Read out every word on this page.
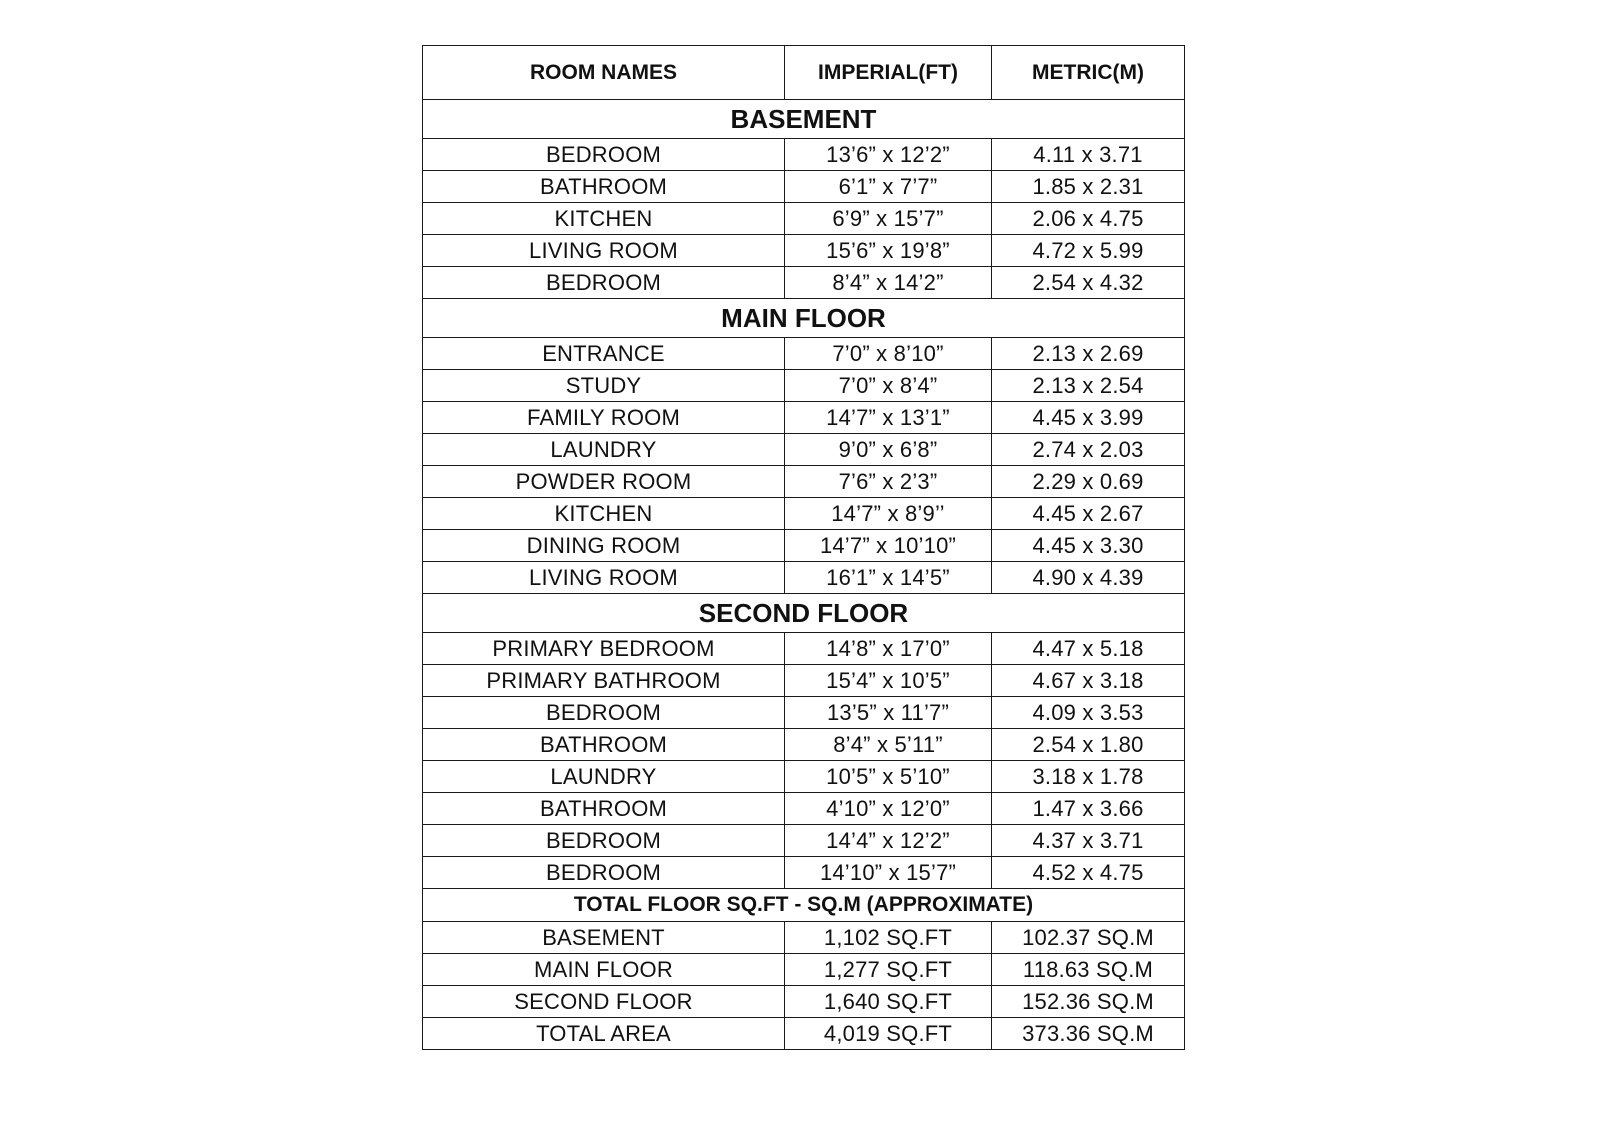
ROOM NAMES	IMPERIAL(FT)	METRIC(M)
BASEMENT		
BEDROOM	13’6” x 12’2”	4.11 x 3.71
BATHROOM	6’1” x 7’7”	1.85 x 2.31
KITCHEN	6’9” x 15’7”	2.06 x 4.75
LIVING ROOM	15’6” x 19’8”	4.72 x 5.99
BEDROOM	8’4” x 14’2”	2.54 x 4.32
MAIN FLOOR		
ENTRANCE	7’0” x 8’10”	2.13 x 2.69
STUDY	7’0” x 8’4”	2.13 x 2.54
FAMILY ROOM	14’7” x 13’1”	4.45 x 3.99
LAUNDRY	9’0” x 6’8”	2.74 x 2.03
POWDER ROOM	7’6” x 2’3”	2.29 x 0.69
KITCHEN	14’7” x 8’9’’	4.45 x 2.67
DINING ROOM	14’7” x 10’10”	4.45 x 3.30
LIVING ROOM	16’1” x 14’5”	4.90 x 4.39
SECOND FLOOR		
PRIMARY BEDROOM	14’8” x 17’0”	4.47 x 5.18
PRIMARY BATHROOM	15’4” x 10’5”	4.67 x 3.18
BEDROOM	13’5” x 11’7”	4.09 x 3.53
BATHROOM	8’4” x 5’11”	2.54 x 1.80
LAUNDRY	10’5” x 5’10”	3.18 x 1.78
BATHROOM	4’10” x 12’0”	1.47 x 3.66
BEDROOM	14’4” x 12’2”	4.37 x 3.71
BEDROOM	14’10” x 15’7”	4.52 x 4.75
TOTAL FLOOR SQ.FT - SQ.M (APPROXIMATE)		
BASEMENT	1,102 SQ.FT	102.37 SQ.M
MAIN FLOOR	1,277 SQ.FT	118.63 SQ.M
SECOND FLOOR	1,640 SQ.FT	152.36 SQ.M
TOTAL AREA	4,019 SQ.FT	373.36 SQ.M
